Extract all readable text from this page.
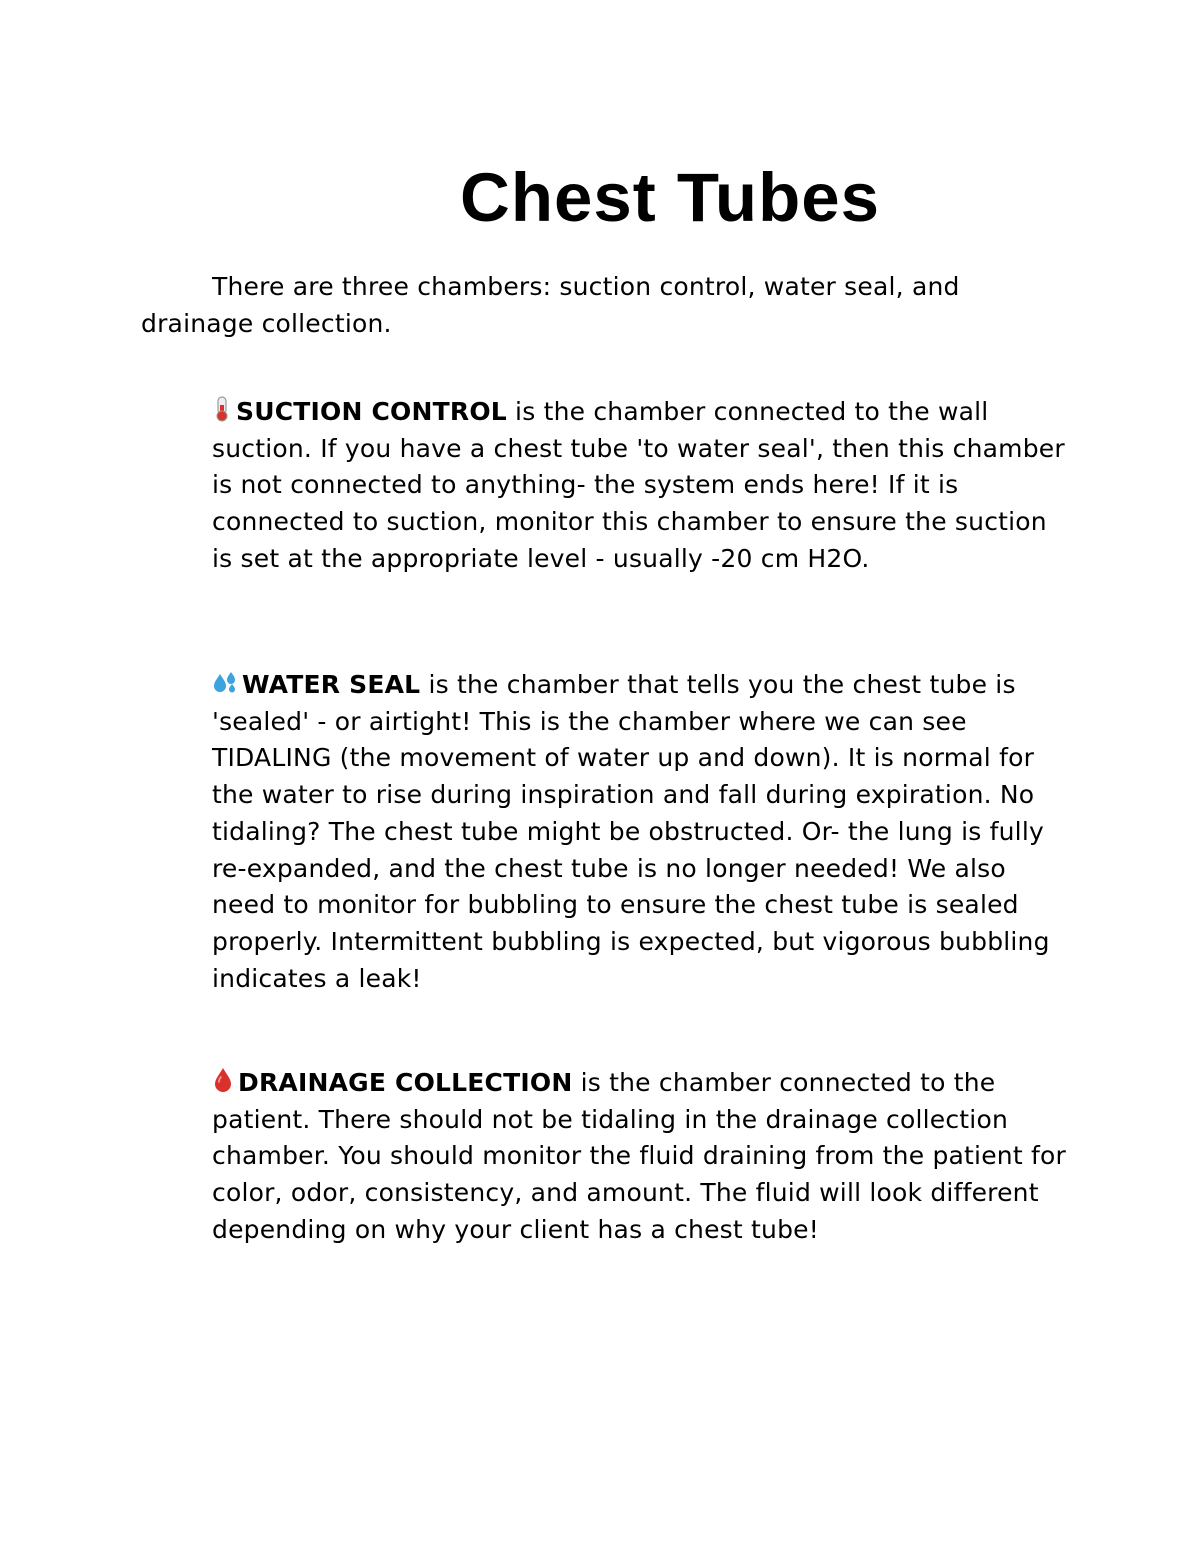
Chest Tubes

There are three chambers: suction control, water seal, and drainage collection.

SUCTION CONTROL is the chamber connected to the wall suction. If you have a chest tube 'to water seal', then this chamber is not connected to anything- the system ends here! If it is connected to suction, monitor this chamber to ensure the suction is set at the appropriate level - usually -20 cm H2O.

WATER SEAL is the chamber that tells you the chest tube is 'sealed' - or airtight! This is the chamber where we can see TIDALING (the movement of water up and down). It is normal for the water to rise during inspiration and fall during expiration. No tidaling? The chest tube might be obstructed. Or- the lung is fully re-expanded, and the chest tube is no longer needed! We also need to monitor for bubbling to ensure the chest tube is sealed properly. Intermittent bubbling is expected, but vigorous bubbling indicates a leak!

DRAINAGE COLLECTION is the chamber connected to the patient. There should not be tidaling in the drainage collection chamber. You should monitor the fluid draining from the patient for color, odor, consistency, and amount. The fluid will look different depending on why your client has a chest tube!
